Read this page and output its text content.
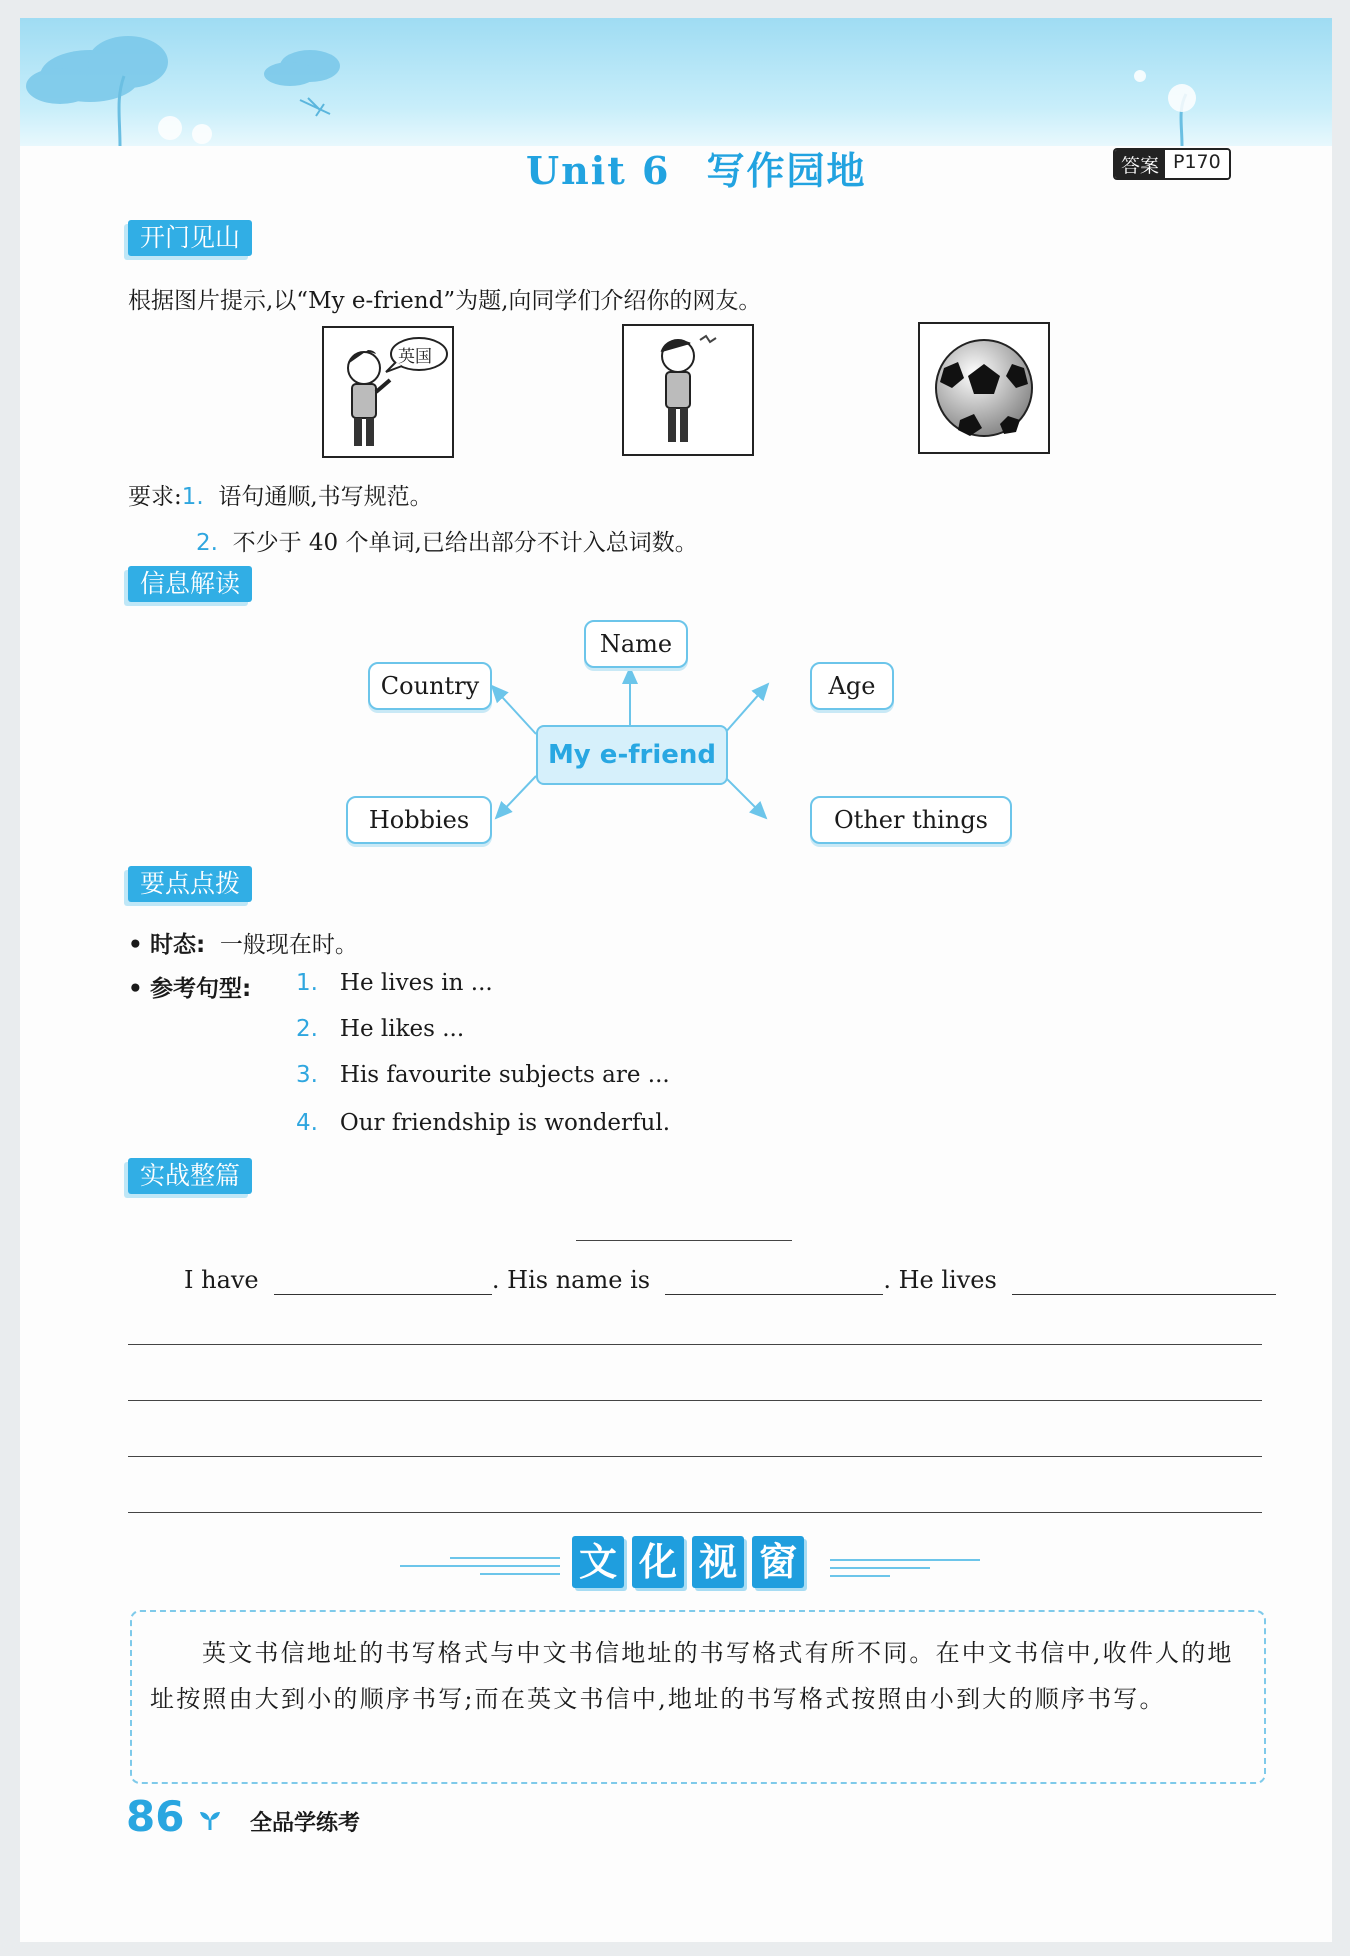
Unit 6 写作园地	答案 P170
开门见山
根据图片提示,以“My e-friend”为题,向同学们介绍你的网友。
英国
要求:1. 语句通顺,书写规范。
2. 不少于 40 个单词,已给出部分不计入总词数。
信息解读
Name
Country	Age
My e-friend
Hobbies	Other things
要点点拨
• 时态: 一般现在时。
• 参考句型: 1. He lives in ...
2. He likes ...
3. His favourite subjects are ...
4. Our friendship is wonderful.
实战整篇
I have	. His name is	. He lives
文 化 视 窗
英文书信地址的书写格式与中文书信地址的书写格式有所不同。在中文书信中,收件人的地址按照由大到小的顺序书写;而在英文书信中,地址的书写格式按照由小到大的顺序书写。
86	全品学练考
